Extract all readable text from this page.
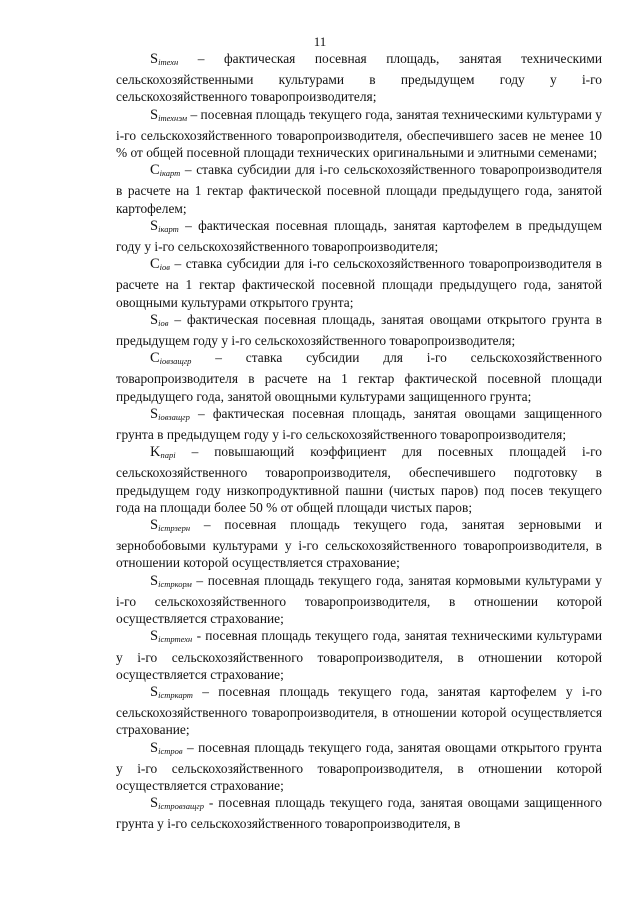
11

$S_{iтехн}$ – фактическая посевная площадь, занятая техническими сельскохозяйственными культурами в предыдущем году у i-го сельскохозяйственного товаропроизводителя;

$S_{iтехнэм}$ – посевная площадь текущего года, занятая техническими культурами у i-го сельскохозяйственного товаропроизводителя, обеспечившего засев не менее 10 % от общей посевной площади технических оригинальными и элитными семенами;

$C_{iкарт}$ – ставка субсидии для i-го сельскохозяйственного товаропроизводителя в расчете на 1 гектар фактической посевной площади предыдущего года, занятой картофелем;

$S_{iкарт}$ – фактическая посевная площадь, занятая картофелем в предыдущем году у i-го сельскохозяйственного товаропроизводителя;

$C_{iов}$ – ставка субсидии для i-го сельскохозяйственного товаропроизводителя в расчете на 1 гектар фактической посевной площади предыдущего года, занятой овощными культурами открытого грунта;

$S_{iов}$ – фактическая посевная площадь, занятая овощами открытого грунта в предыдущем году у i-го сельскохозяйственного товаропроизводителя;

$C_{iовзащгр}$ – ставка субсидии для i-го сельскохозяйственного товаропроизводителя в расчете на 1 гектар фактической посевной площади предыдущего года, занятой овощными культурами защищенного грунта;

$S_{iовзащгр}$ – фактическая посевная площадь, занятая овощами защищенного грунта в предыдущем году у i-го сельскохозяйственного товаропроизводителя;

$K_{парi}$ – повышающий коэффициент для посевных площадей i-го сельскохозяйственного товаропроизводителя, обеспечившего подготовку в предыдущем году низкопродуктивной пашни (чистых паров) под посев текущего года на площади более 50 % от общей площади чистых паров;

$S_{iстрзерн}$ – посевная площадь текущего года, занятая зерновыми и зернобобовыми культурами у i-го сельскохозяйственного товаропроизводителя, в отношении которой осуществляется страхование;

$S_{iстркорм}$ – посевная площадь текущего года, занятая кормовыми культурами у i-го сельскохозяйственного товаропроизводителя, в отношении которой осуществляется страхование;

$S_{iстртехн}$ - посевная площадь текущего года, занятая техническими культурами у i-го сельскохозяйственного товаропроизводителя, в отношении которой осуществляется страхование;

$S_{iстркарт}$ – посевная площадь текущего года, занятая картофелем у i-го сельскохозяйственного товаропроизводителя, в отношении которой осуществляется страхование;

$S_{iстров}$ – посевная площадь текущего года, занятая овощами открытого грунта у i-го сельскохозяйственного товаропроизводителя, в отношении которой осуществляется страхование;

$S_{iстровзащгр}$ - посевная площадь текущего года, занятая овощами защищенного грунта у i-го сельскохозяйственного товаропроизводителя, в
